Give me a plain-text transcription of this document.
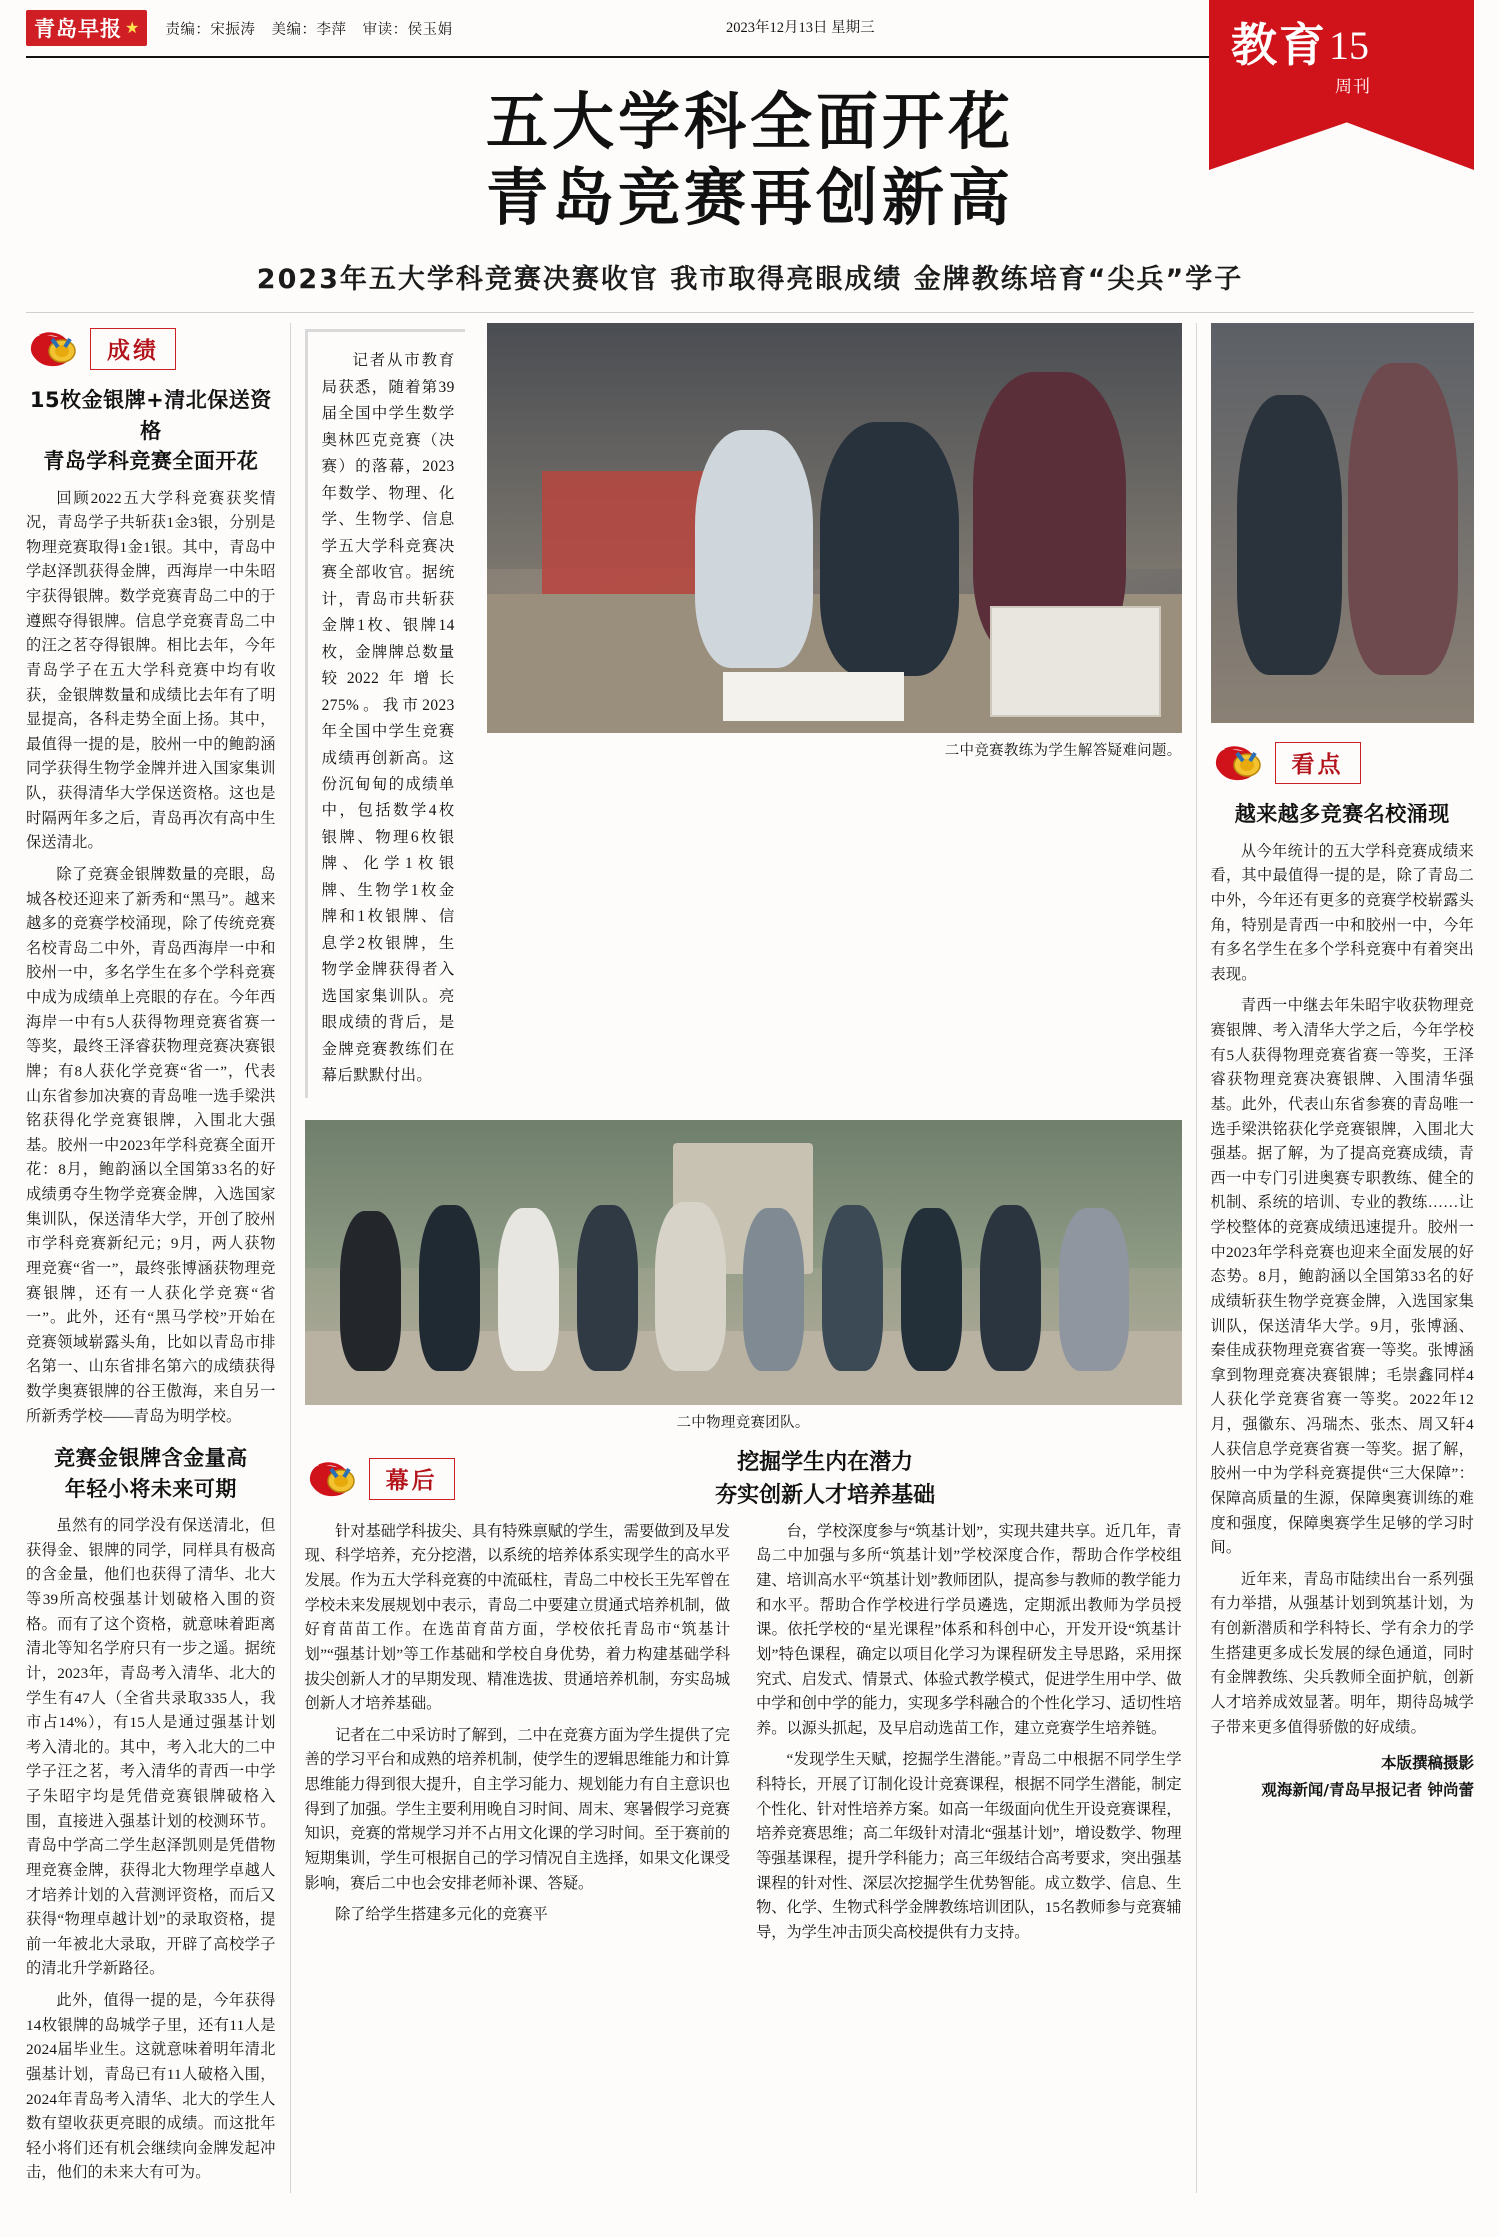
青岛早报 ★ 责编：宋振涛 美编：李萍 审读：侯玉娟	2023年12月13日 星期三	教育 15
周刊
五大学科全面开花
青岛竞赛再创新高
2023年五大学科竞赛决赛收官 我市取得亮眼成绩 金牌教练培育“尖兵”学子
成绩
15枚金银牌+清北保送资格
青岛学科竞赛全面开花

回顾2022五大学科竞赛获奖情况，青岛学子共斩获1金3银，分别是物理竞赛取得1金1银。其中，青岛中学赵泽凯获得金牌，西海岸一中朱昭宇获得银牌。数学竞赛青岛二中的于遵熙夺得银牌。信息学竞赛青岛二中的汪之茗夺得银牌。相比去年，今年青岛学子在五大学科竞赛中均有收获，金银牌数量和成绩比去年有了明显提高，各科走势全面上扬。其中，最值得一提的是，胶州一中的鲍韵涵同学获得生物学金牌并进入国家集训队，获得清华大学保送资格。这也是时隔两年多之后，青岛再次有高中生保送清北。

除了竞赛金银牌数量的亮眼，岛城各校还迎来了新秀和“黑马”。越来越多的竞赛学校涌现，除了传统竞赛名校青岛二中外，青岛西海岸一中和胶州一中，多名学生在多个学科竞赛中成为成绩单上亮眼的存在。今年西海岸一中有5人获得物理竞赛省赛一等奖，最终王泽睿获物理竞赛决赛银牌；有8人获化学竞赛“省一”，代表山东省参加决赛的青岛唯一选手梁洪铭获得化学竞赛银牌，入围北大强基。胶州一中2023年学科竞赛全面开花：8月，鲍韵涵以全国第33名的好成绩勇夺生物学竞赛金牌，入选国家集训队，保送清华大学，开创了胶州市学科竞赛新纪元；9月，两人获物理竞赛“省一”，最终张博涵获物理竞赛银牌，还有一人获化学竞赛“省一”。此外，还有“黑马学校”开始在竞赛领域崭露头角，比如以青岛市排名第一、山东省排名第六的成绩获得数学奥赛银牌的谷王傲海，来自另一所新秀学校——青岛为明学校。

竞赛金银牌含金量高
年轻小将未来可期

虽然有的同学没有保送清北，但获得金、银牌的同学，同样具有极高的含金量，他们也获得了清华、北大等39所高校强基计划破格入围的资格。而有了这个资格，就意味着距离清北等知名学府只有一步之遥。据统计，2023年，青岛考入清华、北大的学生有47人（全省共录取335人，我市占14%），有15人是通过强基计划考入清北的。其中，考入北大的二中学子汪之茗，考入清华的青西一中学子朱昭宇均是凭借竞赛银牌破格入围，直接进入强基计划的校测环节。青岛中学高二学生赵泽凯则是凭借物理竞赛金牌，获得北大物理学卓越人才培养计划的入营测评资格，而后又获得“物理卓越计划”的录取资格，提前一年被北大录取，开辟了高校学子的清北升学新路径。

此外，值得一提的是，今年获得14枚银牌的岛城学子里，还有11人是2024届毕业生。这就意味着明年清北强基计划，青岛已有11人破格入围，2024年青岛考入清华、北大的学生人数有望收获更亮眼的成绩。而这批年轻小将们还有机会继续向金牌发起冲击，他们的未来大有可为。

记者从市教育局获悉，随着第39届全国中学生数学奥林匹克竞赛（决赛）的落幕，2023年数学、物理、化学、生物学、信息学五大学科竞赛决赛全部收官。据统计，青岛市共斩获金牌1枚、银牌14枚，金牌牌总数量较2022年增长275%。我市2023年全国中学生竞赛成绩再创新高。这份沉甸甸的成绩单中，包括数学4枚银牌、物理6枚银牌、化学1枚银牌、生物学1枚金牌和1枚银牌、信息学2枚银牌，生物学金牌获得者入选国家集训队。亮眼成绩的背后，是金牌竞赛教练们在幕后默默付出。

二中竞赛教练为学生解答疑难问题。
二中物理竞赛团队。
幕后
挖掘学生内在潜力
夯实创新人才培养基础

针对基础学科拔尖、具有特殊禀赋的学生，需要做到及早发现、科学培养，充分挖潜，以系统的培养体系实现学生的高水平发展。作为五大学科竞赛的中流砥柱，青岛二中校长王先军曾在学校未来发展规划中表示，青岛二中要建立贯通式培养机制，做好育苗苗工作。在选苗育苗方面，学校依托青岛市“筑基计划”“强基计划”等工作基础和学校自身优势，着力构建基础学科拔尖创新人才的早期发现、精准选拔、贯通培养机制，夯实岛城创新人才培养基础。

记者在二中采访时了解到，二中在竞赛方面为学生提供了完善的学习平台和成熟的培养机制，使学生的逻辑思维能力和计算思维能力得到很大提升，自主学习能力、规划能力有自主意识也得到了加强。学生主要利用晚自习时间、周末、寒暑假学习竞赛知识，竞赛的常规学习并不占用文化课的学习时间。至于赛前的短期集训，学生可根据自己的学习情况自主选择，如果文化课受影响，赛后二中也会安排老师补课、答疑。

除了给学生搭建多元化的竞赛平

台，学校深度参与“筑基计划”，实现共建共享。近几年，青岛二中加强与多所“筑基计划”学校深度合作，帮助合作学校组建、培训高水平“筑基计划”教师团队，提高参与教师的教学能力和水平。帮助合作学校进行学员遴选，定期派出教师为学员授课。依托学校的“星光课程”体系和科创中心，开发开设“筑基计划”特色课程，确定以项目化学习为课程研发主导思路，采用探究式、启发式、情景式、体验式教学模式，促进学生用中学、做中学和创中学的能力，实现多学科融合的个性化学习、适切性培养。以源头抓起，及早启动选苗工作，建立竞赛学生培养链。

“发现学生天赋，挖掘学生潜能。”青岛二中根据不同学生学科特长，开展了订制化设计竞赛课程，根据不同学生潜能，制定个性化、针对性培养方案。如高一年级面向优生开设竞赛课程，培养竞赛思维；高二年级针对清北“强基计划”，增设数学、物理等强基课程，提升学科能力；高三年级结合高考要求，突出强基课程的针对性、深层次挖掘学生优势智能。成立数学、信息、生物、化学、生物式科学金牌教练培训团队，15名教师参与竞赛辅导，为学生冲击顶尖高校提供有力支持。

看点
越来越多竞赛名校涌现

从今年统计的五大学科竞赛成绩来看，其中最值得一提的是，除了青岛二中外，今年还有更多的竞赛学校崭露头角，特别是青西一中和胶州一中，今年有多名学生在多个学科竞赛中有着突出表现。

青西一中继去年朱昭宇收获物理竞赛银牌、考入清华大学之后，今年学校有5人获得物理竞赛省赛一等奖，王泽睿获物理竞赛决赛银牌、入围清华强基。此外，代表山东省参赛的青岛唯一选手梁洪铭获化学竞赛银牌，入围北大强基。据了解，为了提高竞赛成绩，青西一中专门引进奥赛专职教练、健全的机制、系统的培训、专业的教练……让学校整体的竞赛成绩迅速提升。胶州一中2023年学科竞赛也迎来全面发展的好态势。8月，鲍韵涵以全国第33名的好成绩斩获生物学竞赛金牌，入选国家集训队，保送清华大学。9月，张博涵、秦佳成获物理竞赛省赛一等奖。张博涵拿到物理竞赛决赛银牌；毛崇鑫同样4人获化学竞赛省赛一等奖。2022年12月，强徽东、冯瑞杰、张杰、周又轩4人获信息学竞赛省赛一等奖。据了解，胶州一中为学科竞赛提供“三大保障”：保障高质量的生源，保障奥赛训练的难度和强度，保障奥赛学生足够的学习时间。

近年来，青岛市陆续出台一系列强有力举措，从强基计划到筑基计划，为有创新潜质和学科特长、学有余力的学生搭建更多成长发展的绿色通道，同时有金牌教练、尖兵教师全面护航，创新人才培养成效显著。明年，期待岛城学子带来更多值得骄傲的好成绩。

本版撰稿摄影
观海新闻/青岛早报记者 钟尚蕾
